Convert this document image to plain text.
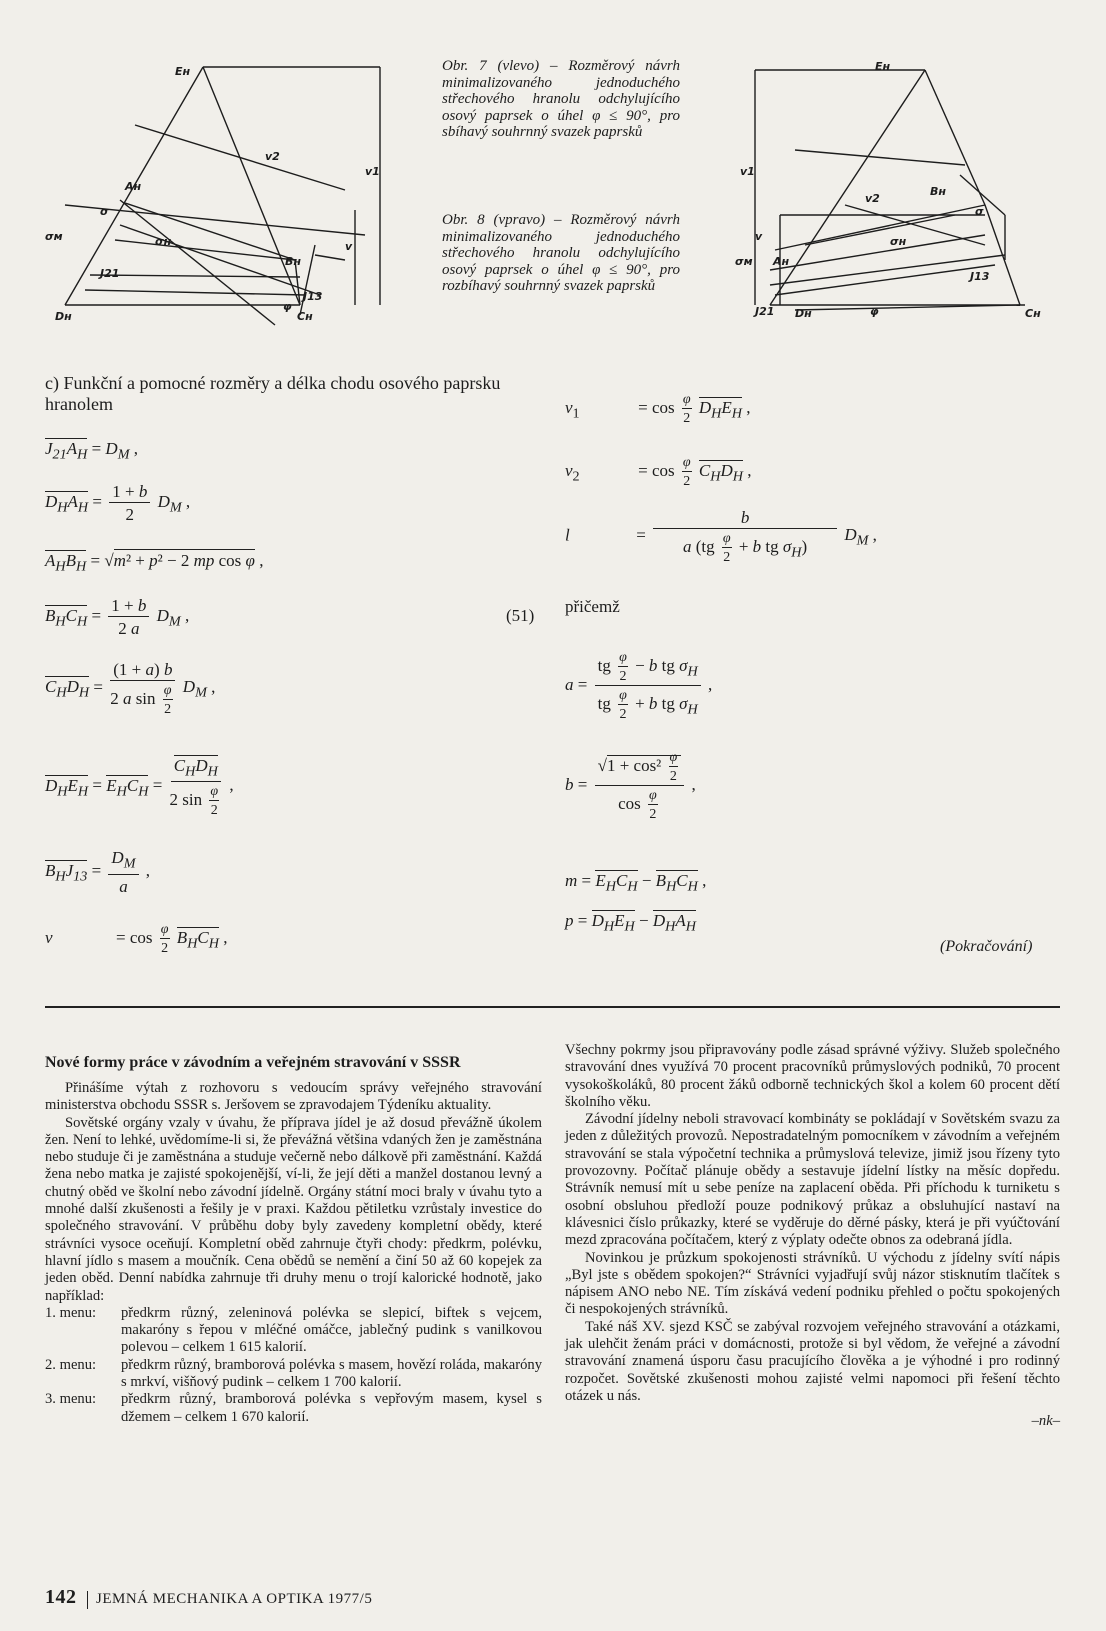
Eн
Aн
Bн
Cн
Dн
J21
J13
v1
v2
v
σ
σн
σм
φ

Obr. 7 (vlevo) – Rozměrový návrh minimalizovaného jednoduchého střechového hranolu odchylujícího osový paprsek o úhel φ ≤ 90°, pro sbíhavý souhrnný svazek paprsků

Obr. 8 (vpravo) – Rozměrový návrh minimalizovaného jednoduchého střechového hranolu odchylujícího osový paprsek o úhel φ ≤ 90°, pro rozbíhavý souhrnný svazek paprsků

Eн
Aн
Bн
Cн
Dн
J21
J13
v1
v2
v
σ
σн
σм
φ
c) Funkční a pomocné rozměry a délka chodu osového paprsku hranolem
$J_{21}A_H = D_M$ ,
$D_HA_H = \frac{1 + b}{2} D_M$ ,
$A_HB_H = √m^2 + p^2 - 2$ mp cos φ ,
$B_HC_H = \frac{1 + b}{2 a} D_M$ ,	(51)
$C_HD_H = \frac{(1 + a) b}{2 a \sin \frac{\varphi}{2}} D_M$ ,
$D_HE_H = E_HC_H = \frac{C_HD_H}{2 \sin \frac{\varphi}{2}}$ ,
$B_HJ_{13} = \frac{D_M}{a}$ ,
v	= $\cos \frac{\varphi}{2} B_HC_H$ ,
$v_1$	= $\cos \frac{\varphi}{2} D_HE_H$ ,
$v_2$	= $\cos \frac{\varphi}{2} C_HD_H$ ,
l	= $\frac{b}{a (tg \frac{\varphi}{2} + b tg \sigma_H)} D_M$ ,
přičemž
$a = \frac{tg \frac{\varphi}{2} - b tg \sigma_H}{tg \frac{\varphi}{2} + b tg \sigma_H}$ ,
$b = \frac{√1 + \cos^2 \frac{\varphi}{2}}{\cos \frac{\varphi}{2}}$ ,
$m = E_HC_H - B_HC_H$ ,
$p = D_HE_H - D_HA_H$
(Pokračování)
Nové formy práce v závodním a veřejném stravování v SSSR

Přinášíme výtah z rozhovoru s vedoucím správy veřejného stravování ministerstva obchodu SSSR s. Jeršovem se zpravodajem Týdeníku aktuality.

Sovětské orgány vzaly v úvahu, že příprava jídel je až dosud převážně úkolem žen. Není to lehké, uvědomíme-li si, že převážná většina vdaných žen je zaměstnána nebo studuje či je zaměstnána a studuje večerně nebo dálkově při zaměstnání. Každá žena nebo matka je zajisté spokojenější, ví-li, že její děti a manžel dostanou levný a chutný oběd ve školní nebo závodní jídelně. Orgány státní moci braly v úvahu tyto a mnohé další zkušenosti a řešily je v praxi. Každou pětiletku vzrůstaly investice do společného stravování. V průběhu doby byly zavedeny kompletní obědy, které strávníci vysoce oceňují. Kompletní oběd zahrnuje čtyři chody: předkrm, polévku, hlavní jídlo s masem a moučník. Cena obědů se nemění a činí 50 až 60 kopejek za jeden oběd. Denní nabídka zahrnuje tři druhy menu o trojí kalorické hodnotě, jako například:

1. menu:	předkrm různý, zeleninová polévka se slepicí, biftek s vejcem, makaróny s řepou v mléčné omáčce, jablečný pudink s vanilkovou polevou – celkem 1 615 kalorií.
2. menu:	předkrm různý, bramborová polévka s masem, hovězí roláda, makaróny s mrkví, višňový pudink – celkem 1 700 kalorií.
3. menu:	předkrm různý, bramborová polévka s vepřovým masem, kysel s džemem – celkem 1 670 kalorií.

Všechny pokrmy jsou připravovány podle zásad správné výživy. Služeb společného stravování dnes využívá 70 procent pracovníků průmyslových podniků, 70 procent vysokoškoláků, 80 procent žáků odborně technických škol a kolem 60 procent dětí školního věku.

Závodní jídelny neboli stravovací kombináty se pokládají v Sovětském svazu za jeden z důležitých provozů. Nepostradatelným pomocníkem v závodním a veřejném stravování se stala výpočetní technika a průmyslová televize, jimiž jsou řízeny tyto provozovny. Počítač plánuje obědy a sestavuje jídelní lístky na měsíc dopředu. Strávník nemusí mít u sebe peníze na zaplacení oběda. Při příchodu k turniketu s osobní obsluhou předloží pouze podnikový průkaz a obsluhující nastaví na klávesnici číslo průkazky, které se vyděruje do děrné pásky, která je při vyúčtování mezd zpracována počítačem, který z výplaty odečte obnos za odebraná jídla.

Novinkou je průzkum spokojenosti strávníků. U východu z jídelny svítí nápis „Byl jste s obědem spokojen?“ Strávníci vyjadřují svůj názor stisknutím tlačítek s nápisem ANO nebo NE. Tím získává vedení podniku přehled o počtu spokojených či nespokojených strávníků.

Také náš XV. sjezd KSČ se zabýval rozvojem veřejného stravování a otázkami, jak ulehčit ženám práci v domácnosti, protože si byl vědom, že veřejné a závodní stravování znamená úsporu času pracujícího člověka a je výhodné i pro rodinný rozpočet. Sovětské zkušenosti mohou zajisté velmi napomoci při řešení těchto otázek u nás.

–nk–
142 JEMNÁ MECHANIKA A OPTIKA 1977/5
